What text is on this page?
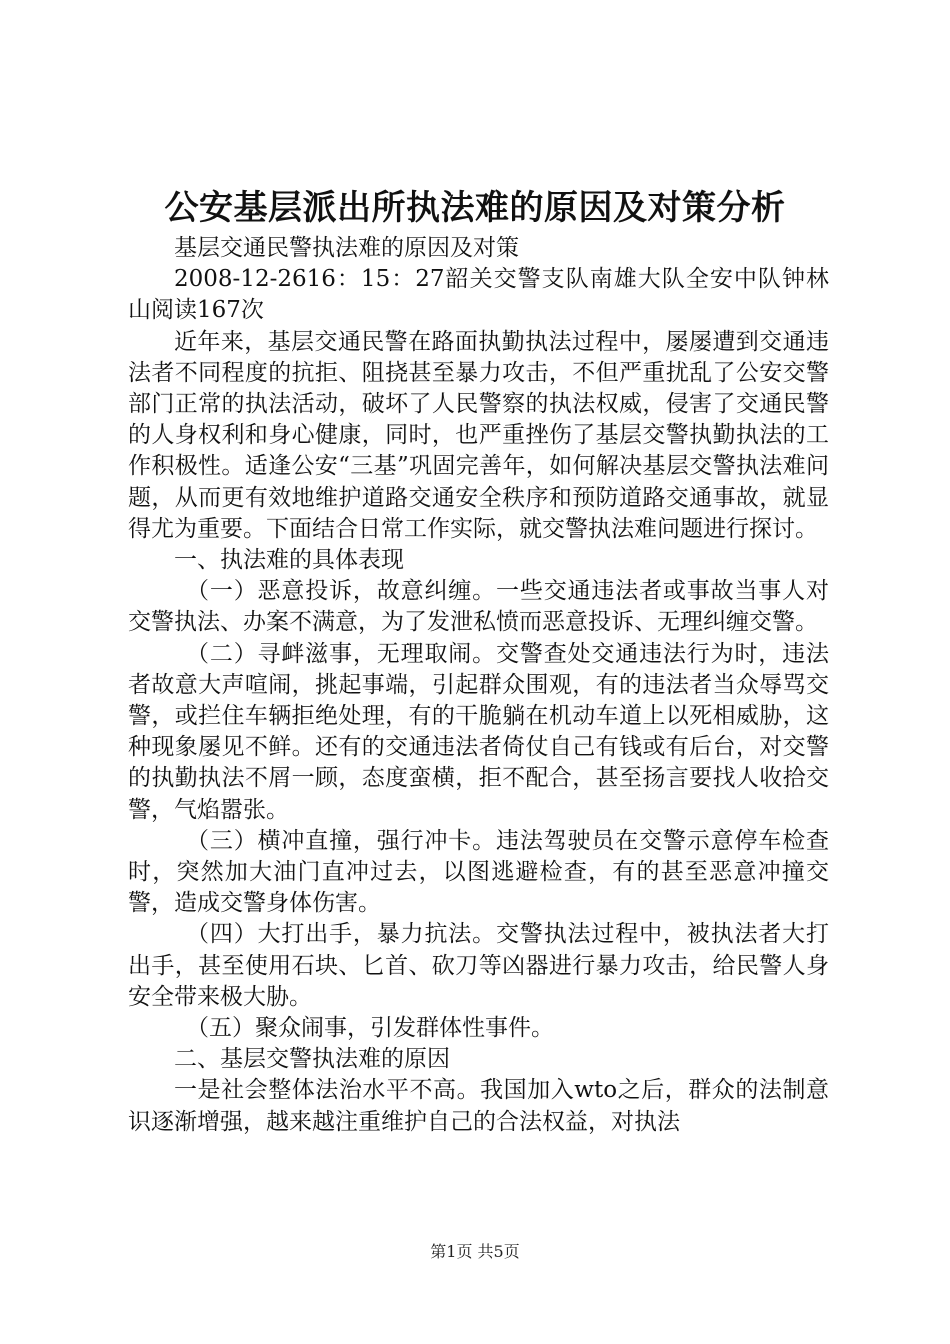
公安基层派出所执法难的原因及对策分析

基层交通民警执法难的原因及对策

2008-12-2616：15：27韶关交警支队南雄大队全安中队钟林山阅读167次

近年来，基层交通民警在路面执勤执法过程中，屡屡遭到交通违法者不同程度的抗拒、阻挠甚至暴力攻击，不但严重扰乱了公安交警部门正常的执法活动，破坏了人民警察的执法权威，侵害了交通民警的人身权利和身心健康，同时，也严重挫伤了基层交警执勤执法的工作积极性。适逢公安“三基”巩固完善年，如何解决基层交警执法难问题，从而更有效地维护道路交通安全秩序和预防道路交通事故，就显得尤为重要。下面结合日常工作实际，就交警执法难问题进行探讨。

一、执法难的具体表现

（一）恶意投诉，故意纠缠。一些交通违法者或事故当事人对交警执法、办案不满意，为了发泄私愤而恶意投诉、无理纠缠交警。

（二）寻衅滋事，无理取闹。交警查处交通违法行为时，违法者故意大声喧闹，挑起事端，引起群众围观，有的违法者当众辱骂交警，或拦住车辆拒绝处理，有的干脆躺在机动车道上以死相威胁，这种现象屡见不鲜。还有的交通违法者倚仗自己有钱或有后台，对交警的执勤执法不屑一顾，态度蛮横，拒不配合，甚至扬言要找人收拾交警，气焰嚣张。

（三）横冲直撞，强行冲卡。违法驾驶员在交警示意停车检查时，突然加大油门直冲过去，以图逃避检查，有的甚至恶意冲撞交警，造成交警身体伤害。

（四）大打出手，暴力抗法。交警执法过程中，被执法者大打出手，甚至使用石块、匕首、砍刀等凶器进行暴力攻击，给民警人身安全带来极大胁。

（五）聚众闹事，引发群体性事件。

二、基层交警执法难的原因

一是社会整体法治水平不高。我国加入wto之后，群众的法制意识逐渐增强，越来越注重维护自己的合法权益，对执法

第1页 共5页
